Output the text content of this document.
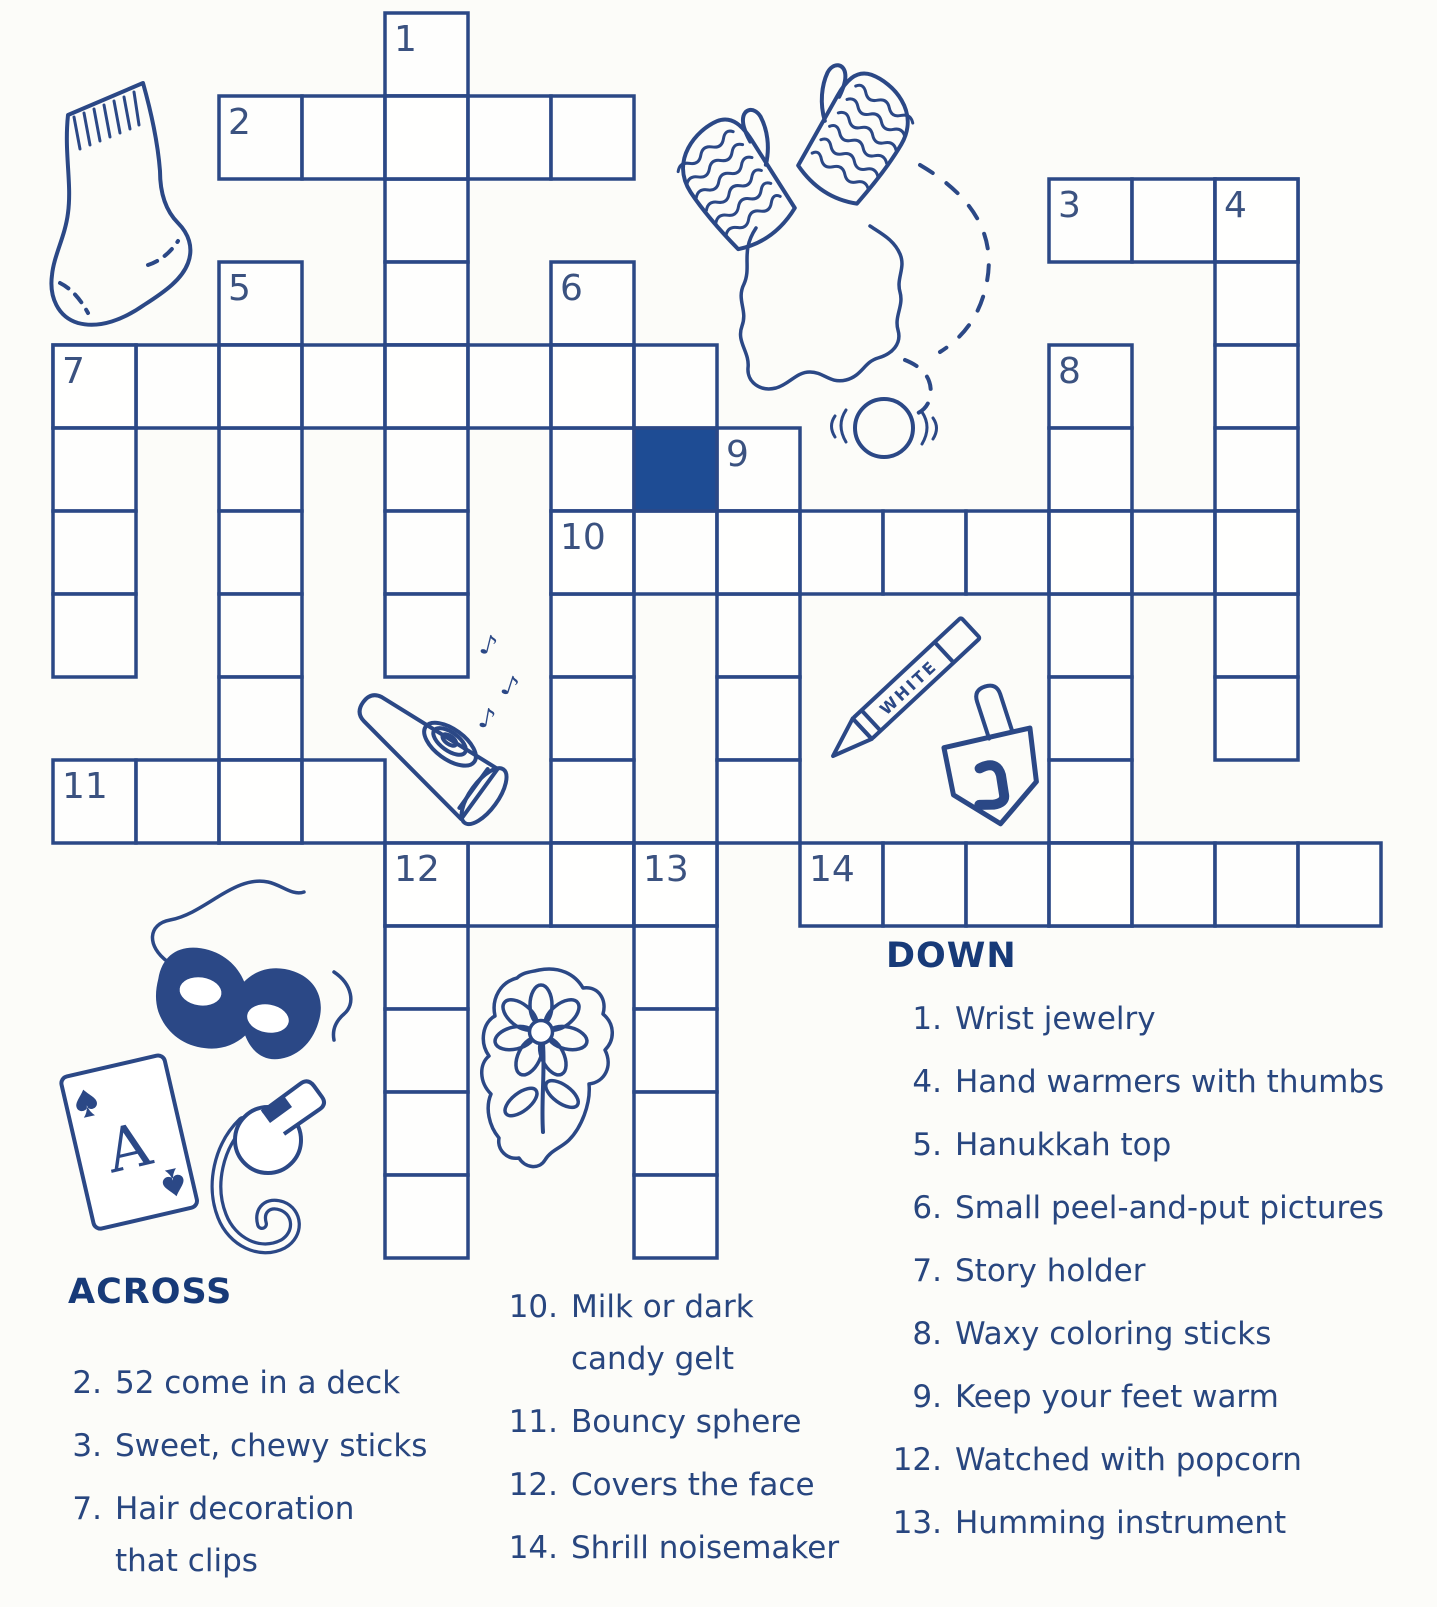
♪
♪
♪
WHITE
A
1
2
3	4
5	6
7	8
9
10
11
12	13	14
ACROSS
2. 52 come in a deck
3. Sweet, chewy sticks
7. Hair decoration
that clips
10. Milk or dark
candy gelt
11. Bouncy sphere
12. Covers the face
14. Shrill noisemaker
DOWN
1. Wrist jewelry
4. Hand warmers with thumbs
5. Hanukkah top
6. Small peel-and-put pictures
7. Story holder
8. Waxy coloring sticks
9. Keep your feet warm
12. Watched with popcorn
13. Humming instrument
